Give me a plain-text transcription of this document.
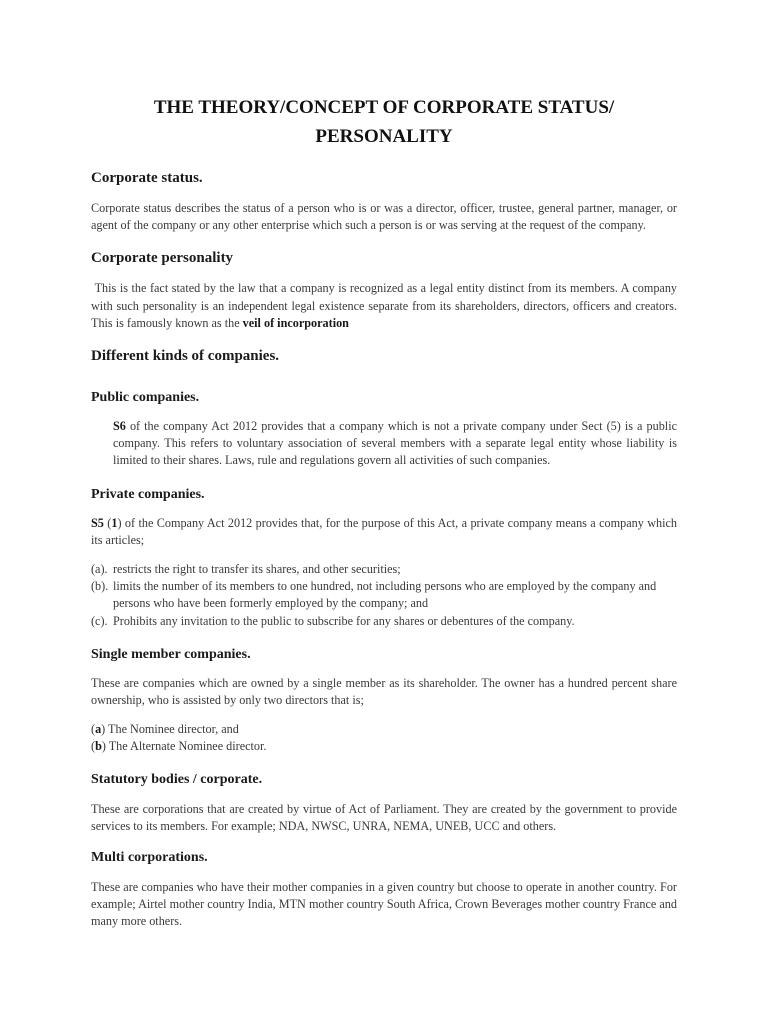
THE THEORY/CONCEPT OF CORPORATE STATUS/
PERSONALITY
Corporate status.

Corporate status describes the status of a person who is or was a director, officer, trustee, general partner, manager, or agent of the company or any other enterprise which such a person is or was serving at the request of the company.

Corporate personality

This is the fact stated by the law that a company is recognized as a legal entity distinct from its members. A company with such personality is an independent legal existence separate from its shareholders, directors, officers and creators. This is famously known as the veil of incorporation

Different kinds of companies.
Public companies.

S6 of the company Act 2012 provides that a company which is not a private company under Sect (5) is a public company. This refers to voluntary association of several members with a separate legal entity whose liability is limited to their shares. Laws, rule and regulations govern all activities of such companies.

Private companies.

S5 (1) of the Company Act 2012 provides that, for the purpose of this Act, a private company means a company which its articles;

(a). restricts the right to transfer its shares, and other securities;
(b). limits the number of its members to one hundred, not including persons who are employed by the company and persons who have been formerly employed by the company; and
(c). Prohibits any invitation to the public to subscribe for any shares or debentures of the company.
Single member companies.

These are companies which are owned by a single member as its shareholder. The owner has a hundred percent share ownership, who is assisted by only two directors that is;

(a) The Nominee director, and

(b) The Alternate Nominee director.

Statutory bodies / corporate.

These are corporations that are created by virtue of Act of Parliament. They are created by the government to provide services to its members. For example; NDA, NWSC, UNRA, NEMA, UNEB, UCC and others.

Multi corporations.

These are companies who have their mother companies in a given country but choose to operate in another country. For example; Airtel mother country India, MTN mother country South Africa, Crown Beverages mother country France and many more others.
